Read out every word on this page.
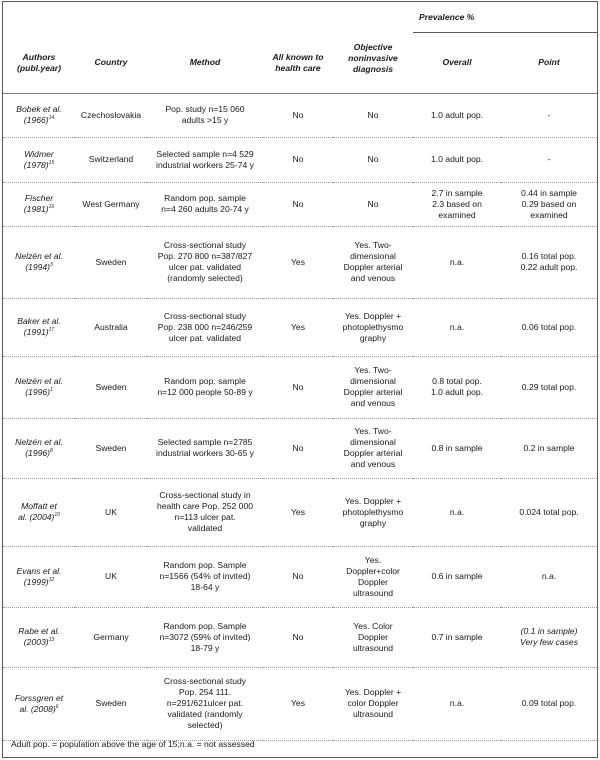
					Prevalence %	
Authors
(publ.year)	Country	Method	All known to
health care	Objective
noninvasive
diagnosis	Overall	Point
Bobek et al.
$(1966)^{14}$	Czechoslovakia	Pop. study n=15 060
adults >15 y	No	No	1.0 adult pop.	-
Widmer
$(1978)^{15}$	Switzerland	Selected sample n=4 529
industrial workers 25-74 y	No	No	1.0 adult pop.	-
Fischer
$(1981)^{16}$	West Germany	Random pop. sample
n=4 260 adults 20-74 y	No	No	2.7 in sample
2.3 based on
examined	0.44 in sample
0.29 based on
examined
Nelzén et al.
$(1994)^3$	Sweden	Cross-sectional study
Pop. 270 800 n=387/827
ulcer pat. validated
(randomly selected)	Yes	Yes. Two-
dimensional
Doppler arterial
and venous	n.a.	0.16 total pop.
0.22 adult pop.
Baker et al.
$(1991)^{17}$	Australia	Cross-sectional study
Pop. 238 000 n=246/259
ulcer pat. validated	Yes	Yes. Doppler +
photoplethysmo
graphy	n.a.	0.06 total pop.
Nelzén et al.
$(1996)^1$	Sweden	Random pop. sample
n=12 000 people 50-89 y	No	Yes. Two-
dimensional
Doppler arterial
and venous	0.8 total pop.
1.0 adult pop.	0.29 total pop.
Nelzén et al.
$(1996)^8$	Sweden	Selected sample n=2785
industrial workers 30-65 y	No	Yes. Two-
dimensional
Doppler arterial
and venous	0.8 in sample	0.2 in sample
Moffatt et
al. $(2004)^{10}$	UK	Cross-sectional study in
health care Pop. 252 000
n=113 ulcer pat.
validated	Yes	Yes. Doppler +
photoplethysmo
graphy	n.a.	0.024 total pop.
Evans et al.
$(1999)^{12}$	UK	Random pop. Sample
n=1566 (54% of invited)
18-64 y	No	Yes.
Doppler+color
Doppler
ultrasound	0.6 in sample	n.a.
Rabe et al.
$(2003)^{13}$	Germany	Random pop. Sample
n=3072 (59% of invited)
18-79 y	No	Yes. Color
Doppler
ultrasound	0.7 in sample	(0.1 in sample)
Very few cases
Forssgren et
al. $(2008)^6$	Sweden	Cross-sectional study
Pop. 254 111.
n=291/621ulcer pat.
validated (randomly
selected)	Yes	Yes. Doppler +
color Doppler
ultrasound	n.a.	0.09 total pop.
Adult pop. = population above the age of 15;n.a. = not assessed
